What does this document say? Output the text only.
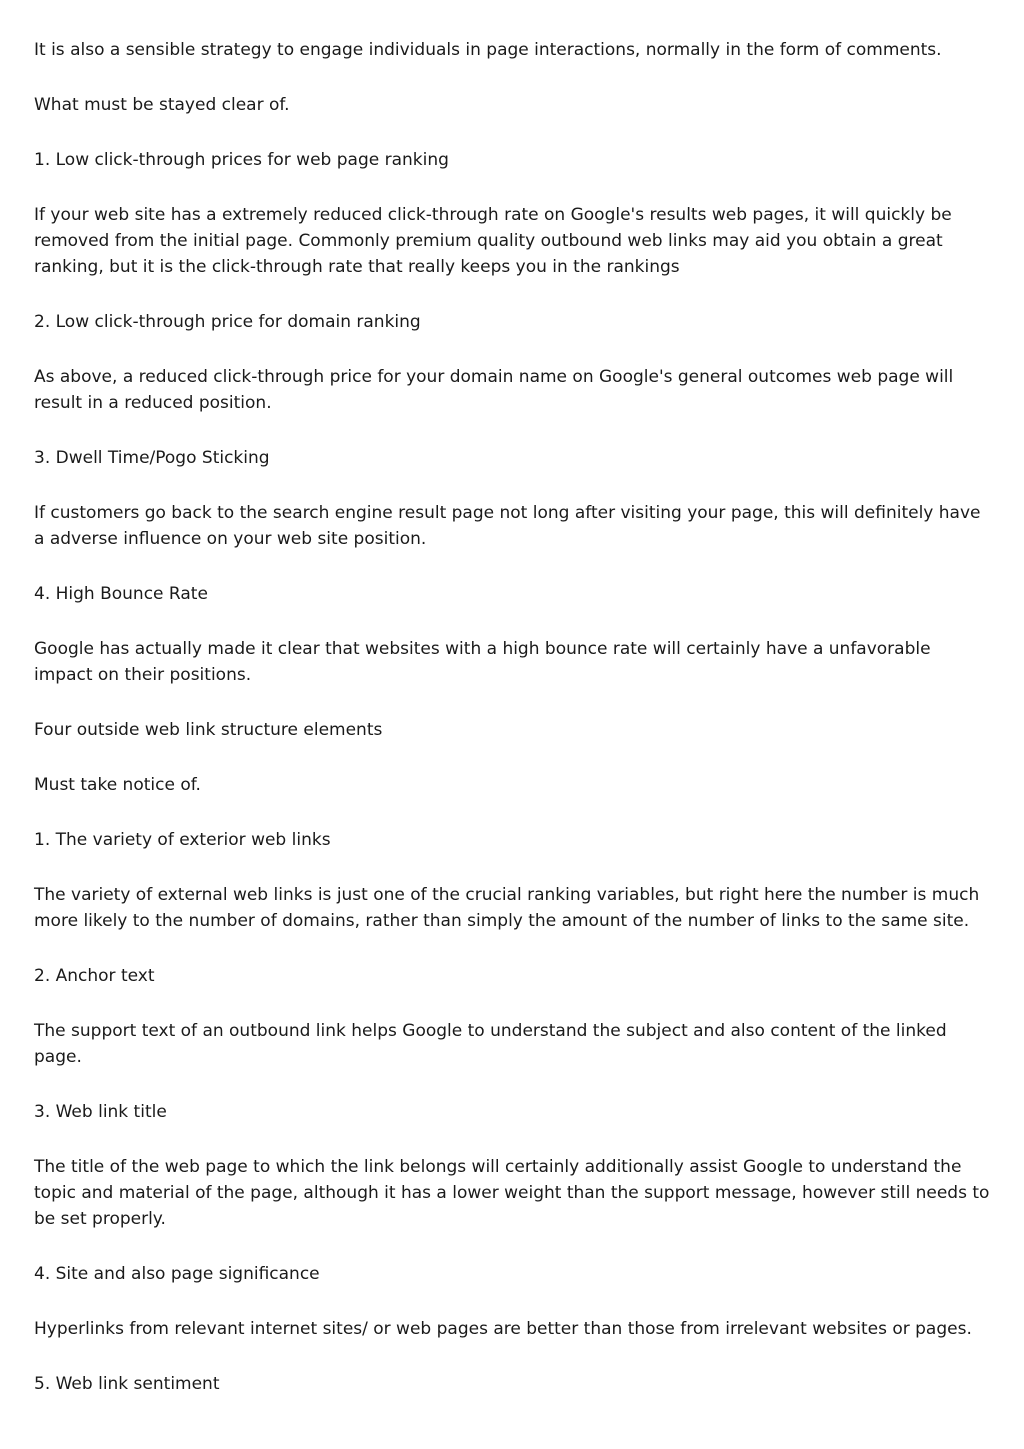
It is also a sensible strategy to engage individuals in page interactions, normally in the form of comments.

What must be stayed clear of.

1. Low click-through prices for web page ranking

If your web site has a extremely reduced click-through rate on Google's results web pages, it will quickly be removed from the initial page. Commonly premium quality outbound web links may aid you obtain a great ranking, but it is the click-through rate that really keeps you in the rankings

2. Low click-through price for domain ranking

As above, a reduced click-through price for your domain name on Google's general outcomes web page will result in a reduced position.

3. Dwell Time/Pogo Sticking

If customers go back to the search engine result page not long after visiting your page, this will definitely have a adverse influence on your web site position.

4. High Bounce Rate

Google has actually made it clear that websites with a high bounce rate will certainly have a unfavorable impact on their positions.

Four outside web link structure elements

Must take notice of.

1. The variety of exterior web links

The variety of external web links is just one of the crucial ranking variables, but right here the number is much more likely to the number of domains, rather than simply the amount of the number of links to the same site.

2. Anchor text

The support text of an outbound link helps Google to understand the subject and also content of the linked page.

3. Web link title

The title of the web page to which the link belongs will certainly additionally assist Google to understand the topic and material of the page, although it has a lower weight than the support message, however still needs to be set properly.

4. Site and also page significance

Hyperlinks from relevant internet sites/ or web pages are better than those from irrelevant websites or pages.

5. Web link sentiment
